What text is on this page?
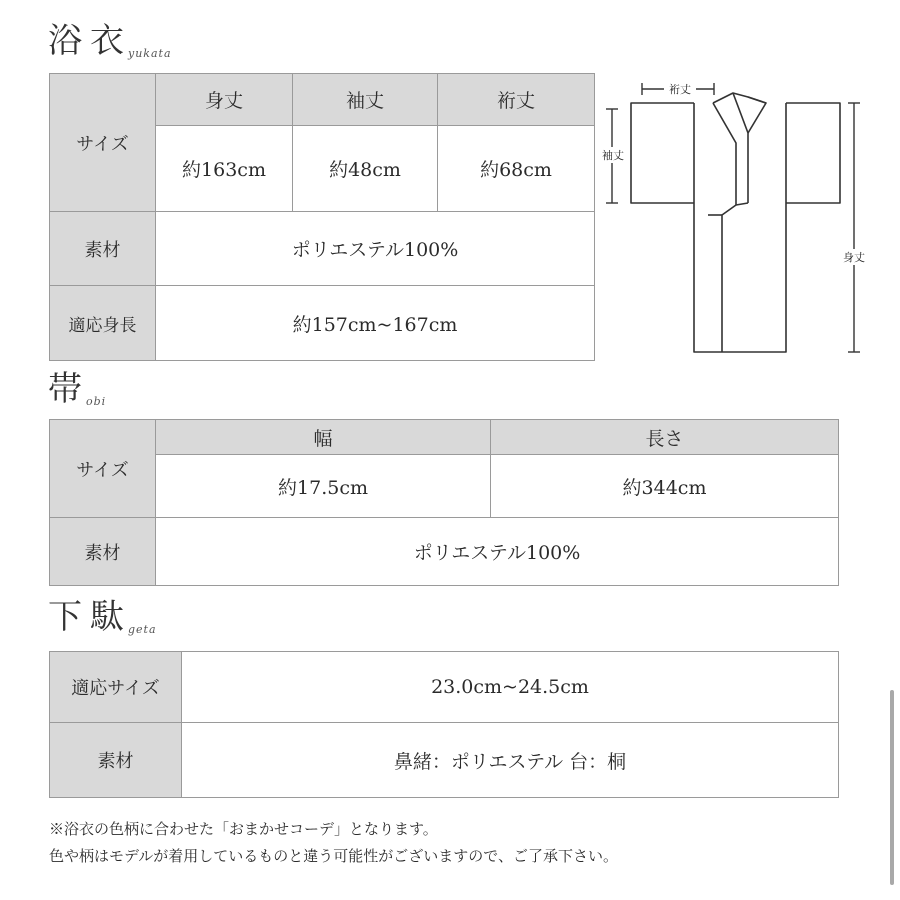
浴衣
yukata
サイズ	身丈	袖丈	裄丈
	約163cm	約48cm	約68cm
素材	ポリエステル100%		
適応身長	約157cm~167cm		
裄丈
袖丈
身丈
帯
obi
サイズ	幅	長さ
	約17.5cm	約344cm
素材	ポリエステル100%	
下駄
geta
適応サイズ	23.0cm~24.5cm
素材	鼻緒：ポリエステル 台：桐
※浴衣の色柄に合わせた「おまかせコーデ」となります。
色や柄はモデルが着用しているものと違う可能性がございますので、ご了承下さい。
